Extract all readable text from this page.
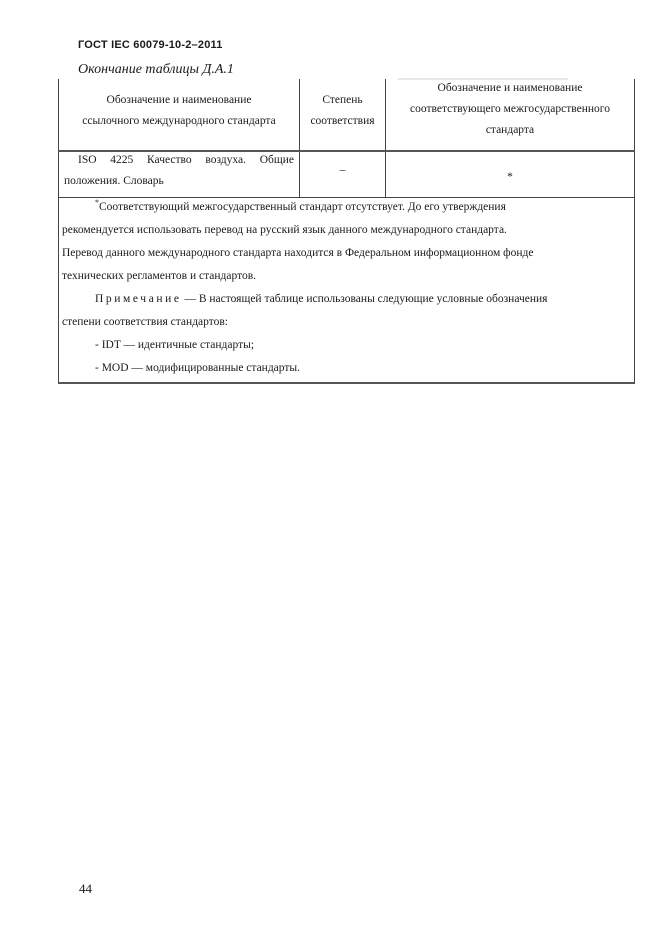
ГОСТ IEC 60079-10-2–2011
Окончание таблицы Д.А.1
Обозначение и наименование
ссылочного международного стандарта
Степень
соответствия
Обозначение и наименование
соответствующего межгосударственного
стандарта
ISO 4225 Качество воздуха. Общие
положения. Словарь
–
*
*Соответствующий межгосударственный стандарт отсутствует. До его утверждения
рекомендуется использовать перевод на русский язык данного международного стандарта.
Перевод данного международного стандарта находится в Федеральном информационном фонде
технических регламентов и стандартов.
Примечание — В настоящей таблице использованы следующие условные обозначения
степени соответствия стандартов:
- IDT — идентичные стандарты;
- MOD — модифицированные стандарты.
44
